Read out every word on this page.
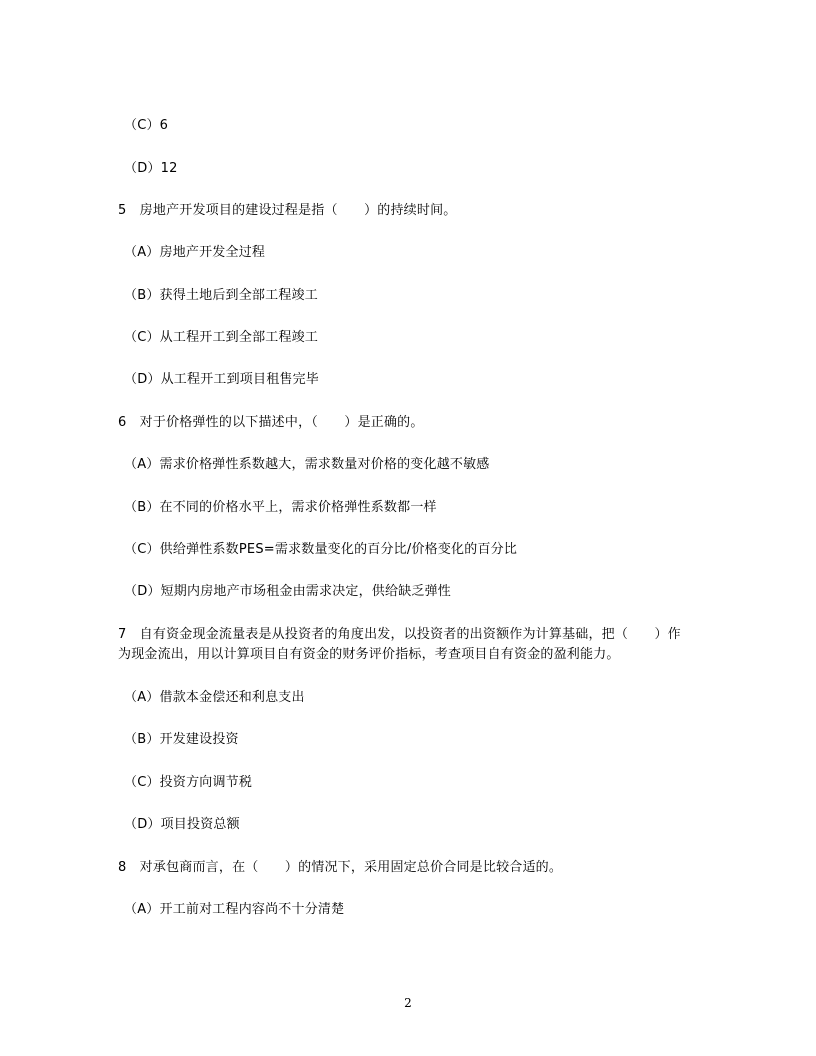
（C）6
（D）12
5　房地产开发项目的建设过程是指（　　）的持续时间。
（A）房地产开发全过程
（B）获得土地后到全部工程竣工
（C）从工程开工到全部工程竣工
（D）从工程开工到项目租售完毕
6　对于价格弹性的以下描述中，（　　）是正确的。
（A）需求价格弹性系数越大，需求数量对价格的变化越不敏感
（B）在不同的价格水平上，需求价格弹性系数都一样
（C）供给弹性系数PES=需求数量变化的百分比/价格变化的百分比
（D）短期内房地产市场租金由需求决定，供给缺乏弹性
7　自有资金现金流量表是从投资者的角度出发，以投资者的出资额作为计算基础，把（　　）作为现金流出，用以计算项目自有资金的财务评价指标，考查项目自有资金的盈利能力。
（A）借款本金偿还和利息支出
（B）开发建设投资
（C）投资方向调节税
（D）项目投资总额
8　对承包商而言，在（　　）的情况下，采用固定总价合同是比较合适的。
（A）开工前对工程内容尚不十分清楚
2
